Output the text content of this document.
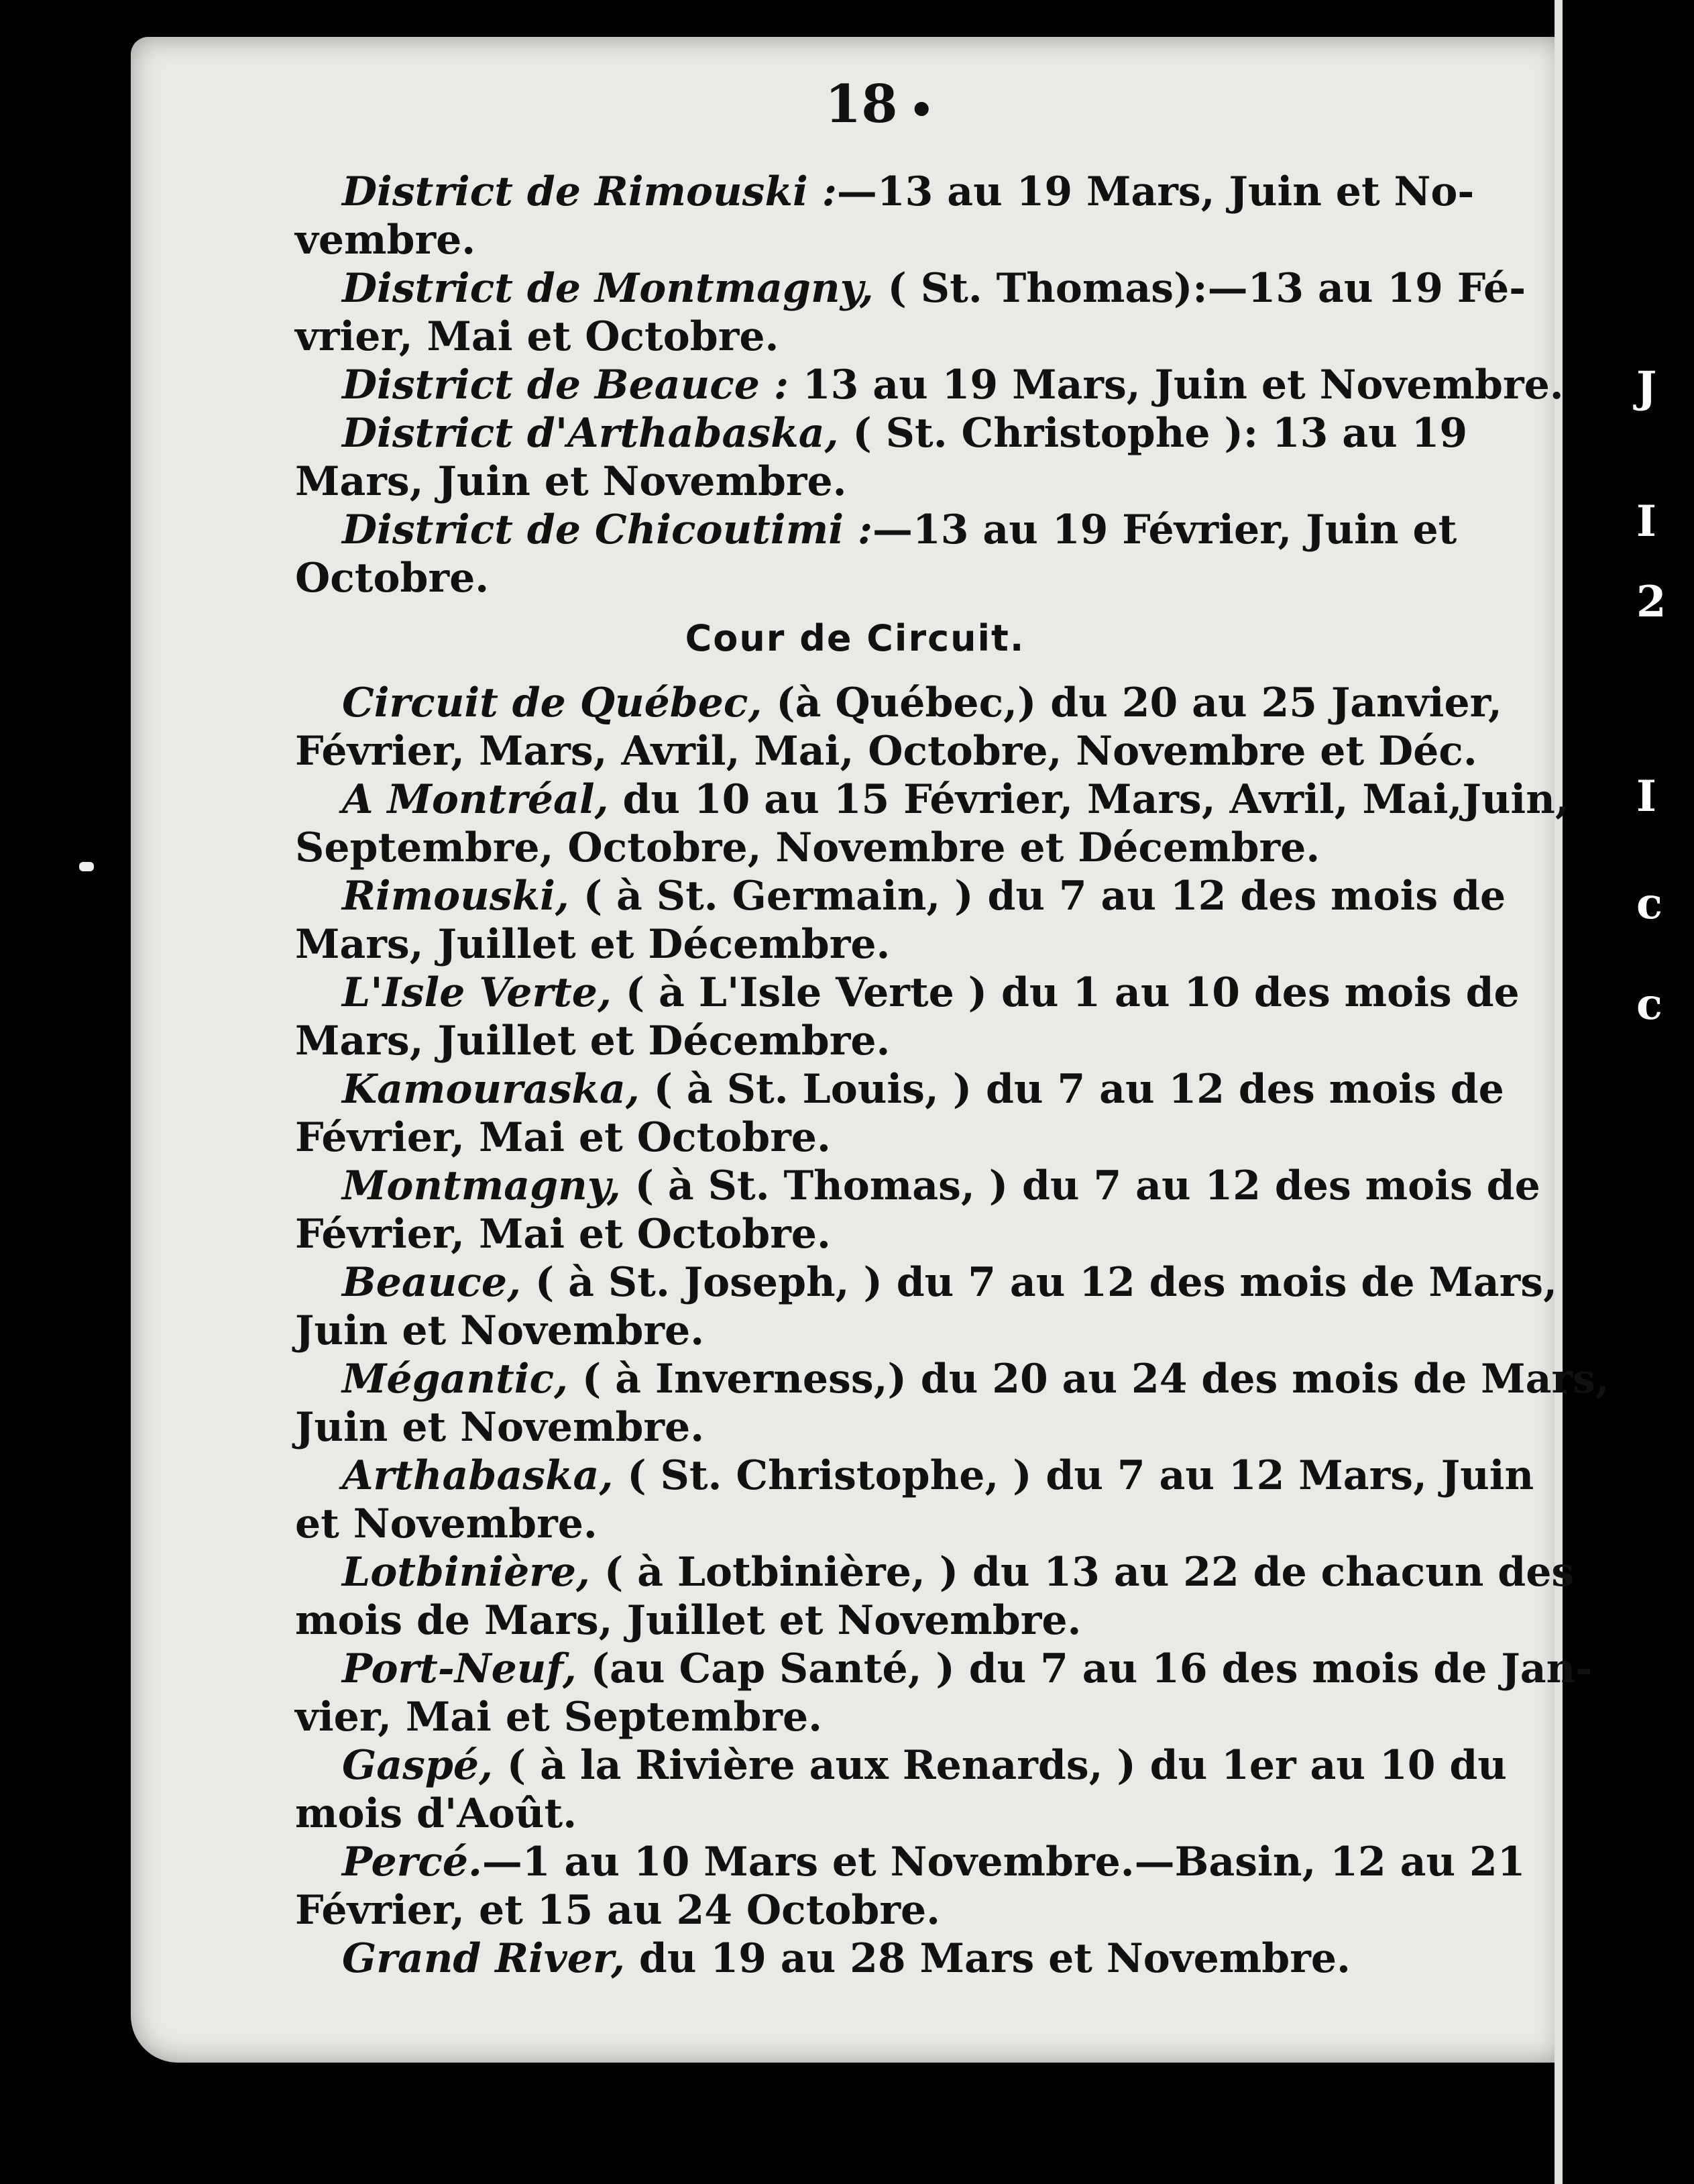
18 •
District de Rimouski :—13 au 19 Mars, Juin et No-
vembre.
District de Montmagny, ( St. Thomas):—13 au 19 Fé-
vrier, Mai et Octobre.
District de Beauce : 13 au 19 Mars, Juin et Novembre.
District d'Arthabaska, ( St. Christophe ): 13 au 19
Mars, Juin et Novembre.
District de Chicoutimi :—13 au 19 Février, Juin et
Octobre.
Cour de Circuit.
Circuit de Québec, (à Québec,) du 20 au 25 Janvier,
Février, Mars, Avril, Mai, Octobre, Novembre et Déc.
A Montréal, du 10 au 15 Février, Mars, Avril, Mai,Juin,
Septembre, Octobre, Novembre et Décembre.
Rimouski, ( à St. Germain, ) du 7 au 12 des mois de
Mars, Juillet et Décembre.
L'Isle Verte, ( à L'Isle Verte ) du 1 au 10 des mois de
Mars, Juillet et Décembre.
Kamouraska, ( à St. Louis, ) du 7 au 12 des mois de
Février, Mai et Octobre.
Montmagny, ( à St. Thomas, ) du 7 au 12 des mois de
Février, Mai et Octobre.
Beauce, ( à St. Joseph, ) du 7 au 12 des mois de Mars,
Juin et Novembre.
Mégantic, ( à Inverness,) du 20 au 24 des mois de Mars,
Juin et Novembre.
Arthabaska, ( St. Christophe, ) du 7 au 12 Mars, Juin
et Novembre.
Lotbinière, ( à Lotbinière, ) du 13 au 22 de chacun des
mois de Mars, Juillet et Novembre.
Port-Neuf, (au Cap Santé, ) du 7 au 16 des mois de Jan-
vier, Mai et Septembre.
Gaspé, ( à la Rivière aux Renards, ) du 1er au 10 du
mois d'Août.
Percé.—1 au 10 Mars et Novembre.—Basin, 12 au 21
Février, et 15 au 24 Octobre.
Grand River, du 19 au 28 Mars et Novembre.
J
I
2
I
c
c
